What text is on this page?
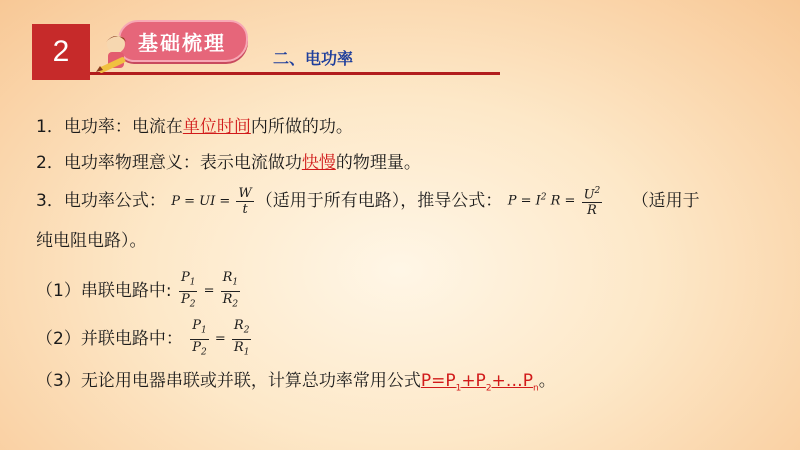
2	基础梳理
二、电功率
1．电功率：电流在单位时间内所做的功。
2．电功率物理意义：表示电流做功快慢的物理量。
3．电功率公式： P = UI = $\frac{W}{t}$ （适用于所有电路），推导公式： $P = I^2$ $R = \frac{U^2}{R}$ （适用于
纯电阻电路）。
（1）串联电路中: $\frac{P_1}{P_2} = \frac{R_1}{R_2}$
（2）并联电路中： $\frac{P_1}{P_2} = \frac{R_2}{R_1}$
（3）无论用电器串联或并联，计算总功率常用公式$P=P_1+P_2+\dots P_n$。
